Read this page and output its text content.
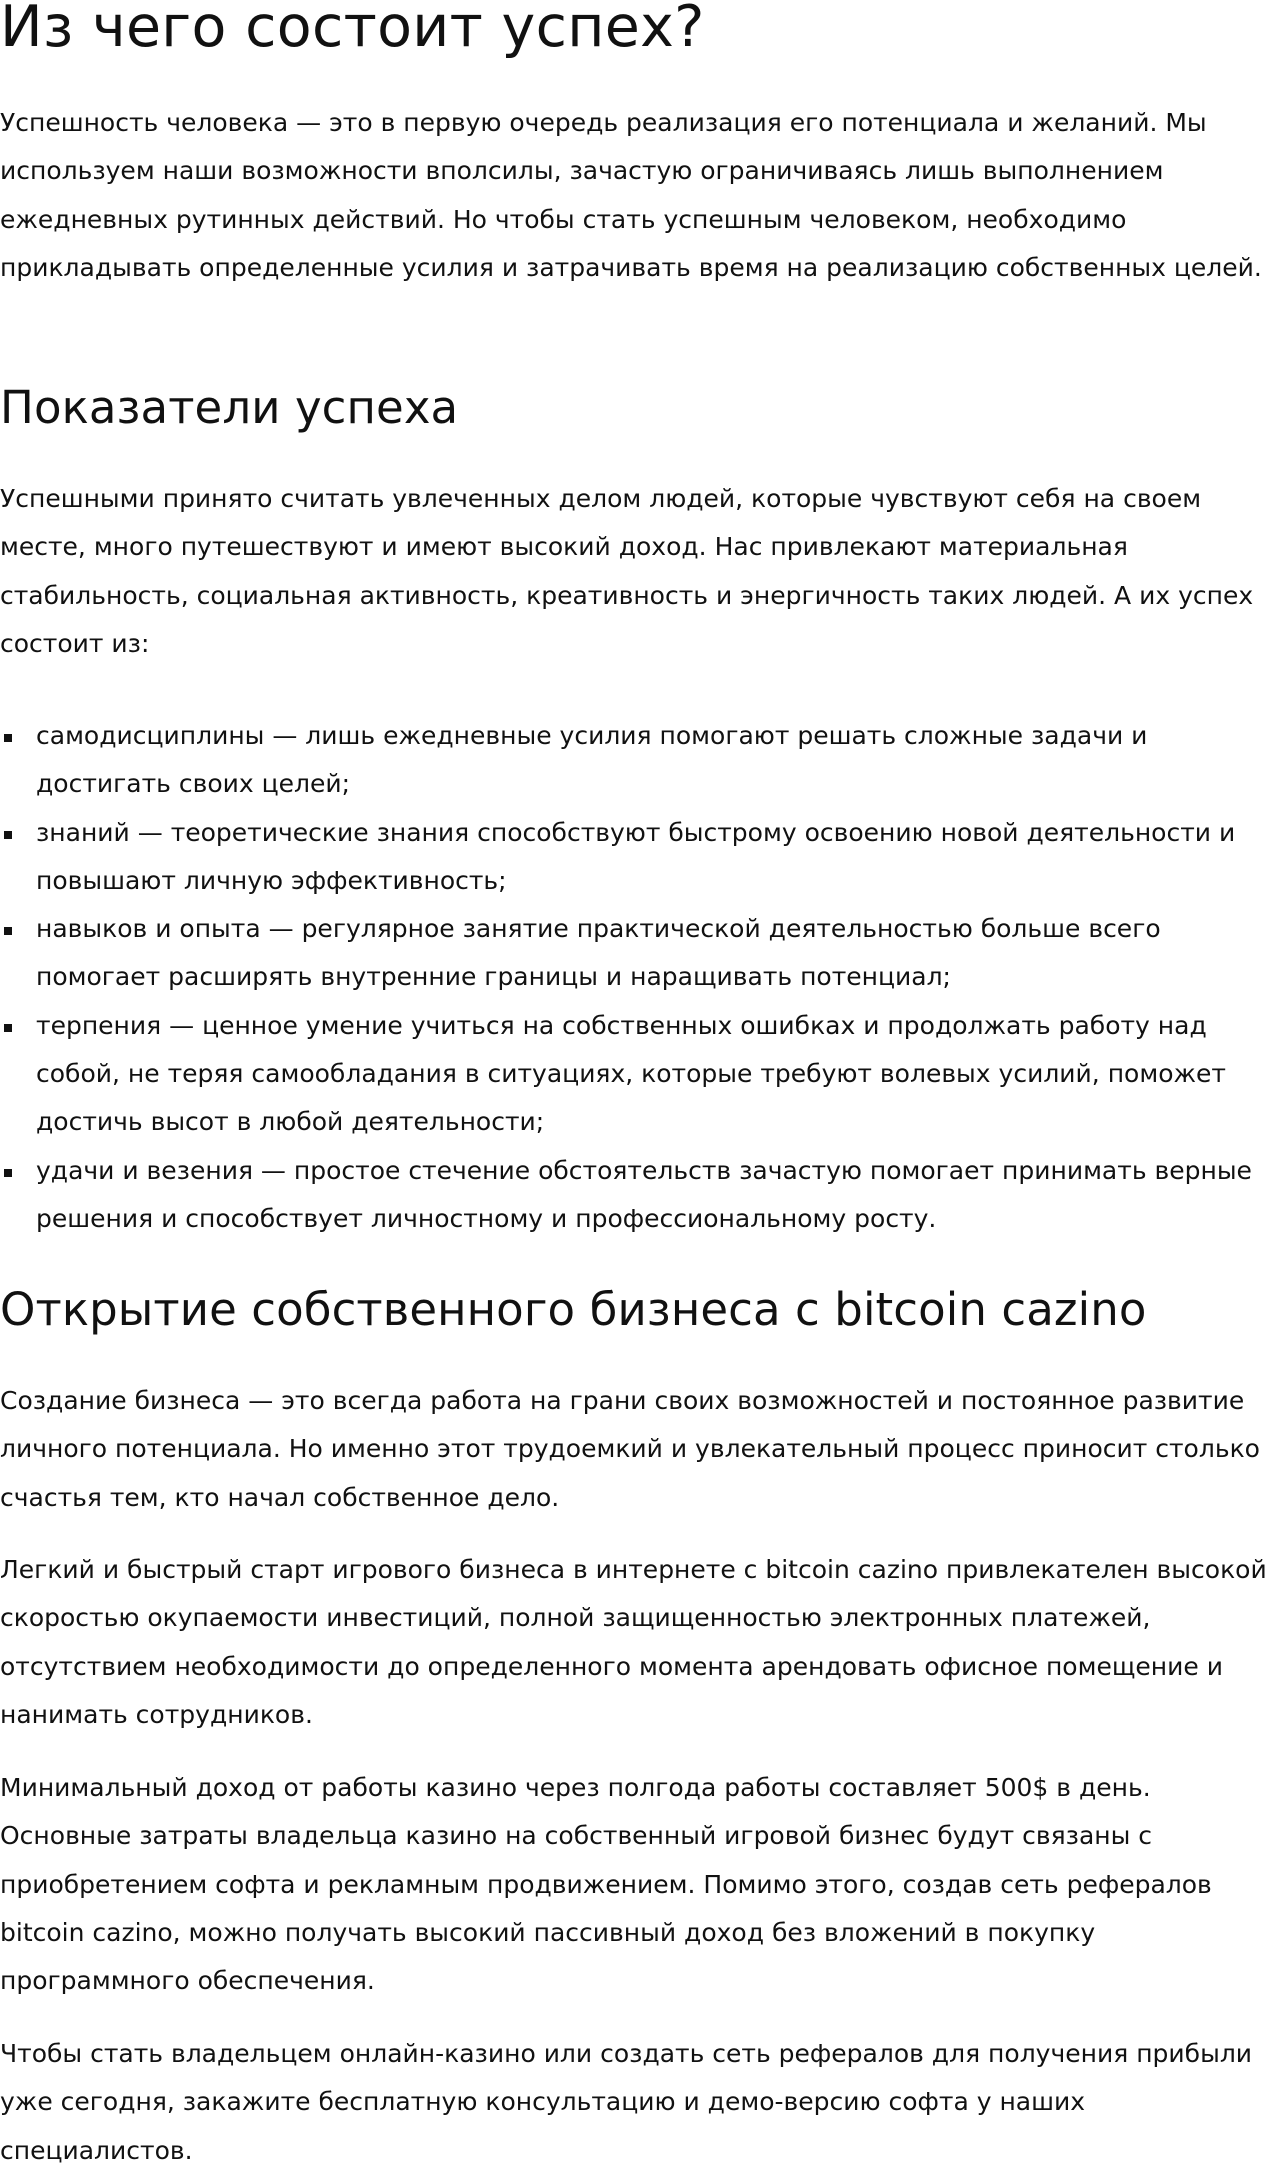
Из чего состоит успех?

Успешность человека — это в первую очередь реализация его потенциала и желаний. Мы используем наши возможности вполсилы, зачастую ограничиваясь лишь выполнением ежедневных рутинных действий. Но чтобы стать успешным человеком, необходимо прикладывать определенные усилия и затрачивать время на реализацию собственных целей.

Показатели успеха

Успешными принято считать увлеченных делом людей, которые чувствуют себя на своем месте, много путешествуют и имеют высокий доход. Нас привлекают материальная стабильность, социальная активность, креативность и энергичность таких людей. А их успех состоит из:

самодисциплины — лишь ежедневные усилия помогают решать сложные задачи и достигать своих целей;
знаний — теоретические знания способствуют быстрому освоению новой деятельности и повышают личную эффективность;
навыков и опыта — регулярное занятие практической деятельностью больше всего помогает расширять внутренние границы и наращивать потенциал;
терпения — ценное умение учиться на собственных ошибках и продолжать работу над собой, не теряя самообладания в ситуациях, которые требуют волевых усилий, поможет достичь высот в любой деятельности;
удачи и везения — простое стечение обстоятельств зачастую помогает принимать верные решения и способствует личностному и профессиональному росту.
Открытие собственного бизнеса с bitcoin cazino

Создание бизнеса — это всегда работа на грани своих возможностей и постоянное развитие личного потенциала. Но именно этот трудоемкий и увлекательный процесс приносит столько счастья тем, кто начал собственное дело.

Легкий и быстрый старт игрового бизнеса в интернете с bitcoin cazino привлекателен высокой скоростью окупаемости инвестиций, полной защищенностью электронных платежей, отсутствием необходимости до определенного момента арендовать офисное помещение и нанимать сотрудников.

Минимальный доход от работы казино через полгода работы составляет 500$ в день. Основные затраты владельца казино на собственный игровой бизнес будут связаны с приобретением софта и рекламным продвижением. Помимо этого, создав сеть рефералов bitcoin cazino, можно получать высокий пассивный доход без вложений в покупку программного обеспечения.

Чтобы стать владельцем онлайн-казино или создать сеть рефералов для получения прибыли уже сегодня, закажите бесплатную консультацию и демо-версию софта у наших специалистов.
